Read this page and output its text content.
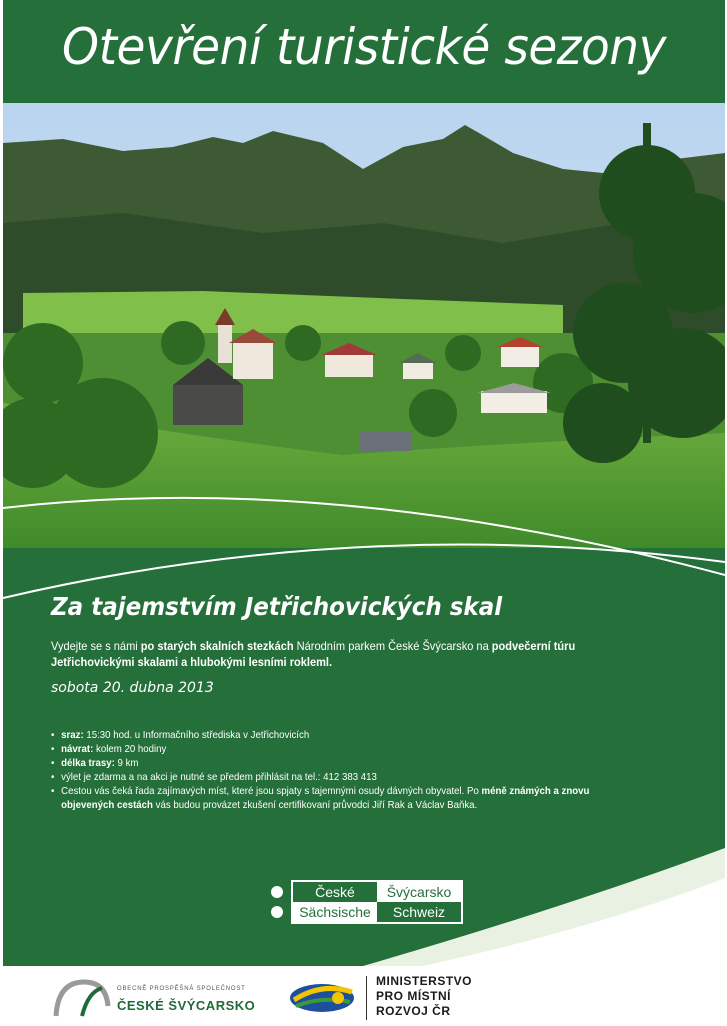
Otevření turistické sezony
Za tajemstvím Jetřichovických skal

Vydejte se s námi po starých skalních stezkách Národním parkem České Švýcarsko na podvečerní túru Jetřichovickými skalami a hlubokými lesními rokleml.

sobota 20. dubna 2013
• sraz: 15:30 hod. u Informačního střediska v Jetřichovicích
• návrat: kolem 20 hodiny
• délka trasy: 9 km
• výlet je zdarma a na akci je nutné se předem přihlásit na tel.: 412 383 413
• Cestou vás čeká řada zajímavých míst, které jsou spjaty s tajemnými osudy dávných obyvatel. Po méně známých a znovu objevených cestách vás budou provázet zkušení certifikovaní průvodci Jiří Rak a Václav Baňka.
České	Švýcarsko
Sächsische	Schweiz
OBECNĚ PROSPĚŠNÁ SPOLEČNOST
ČESKÉ ŠVÝCARSKO
MINISTERSTVO
PRO MÍSTNÍ
ROZVOJ ČR
